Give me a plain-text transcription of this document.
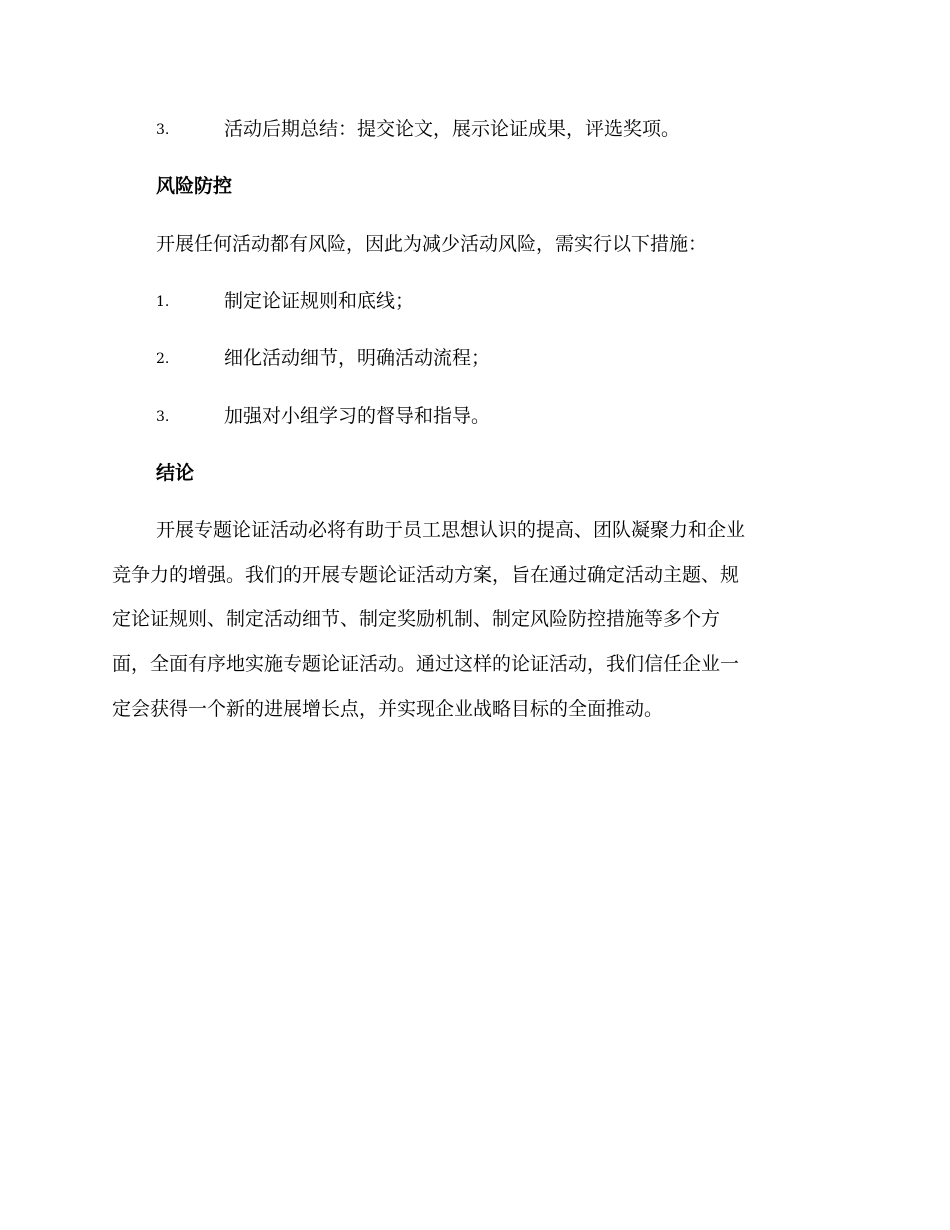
3.	活动后期总结：提交论文，展示论证成果，评选奖项。
风险防控
开展任何活动都有风险，因此为减少活动风险，需实行以下措施：
1.	制定论证规则和底线；
2.	细化活动细节，明确活动流程；
3.	加强对小组学习的督导和指导。
结论
开展专题论证活动必将有助于员工思想认识的提高、团队凝聚力和企业
竞争力的增强。我们的开展专题论证活动方案，旨在通过确定活动主题、规
定论证规则、制定活动细节、制定奖励机制、制定风险防控措施等多个方
面，全面有序地实施专题论证活动。通过这样的论证活动，我们信任企业一
定会获得一个新的进展增长点，并实现企业战略目标的全面推动。
